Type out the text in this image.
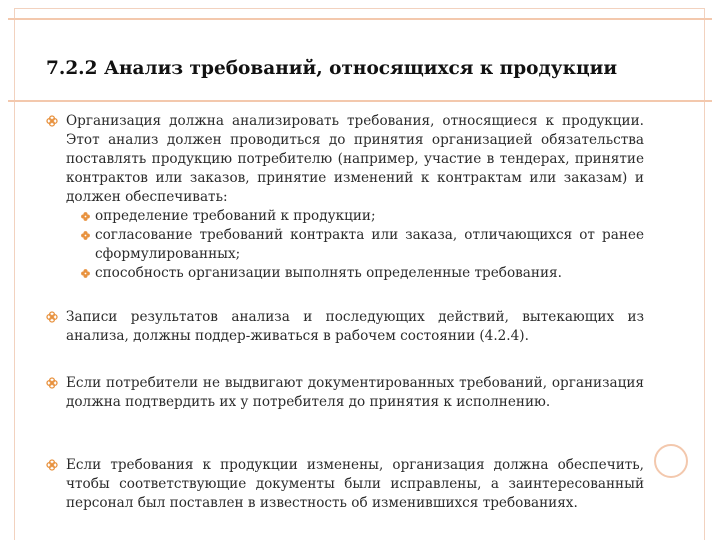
7.2.2 Анализ требований, относящихся к продукции
Организация должна анализировать требования, относящиеся к продукции. Этот анализ должен проводиться до принятия организацией обязательства поставлять продукцию потребителю (например, участие в тендерах, принятие контрактов или заказов, принятие изменений к контрактам или заказам) и должен обеспечивать:
определение требований к продукции;
согласование требований контракта или заказа, отличающихся от ранее сформулированных;
способность организации выполнять определенные требования.
Записи результатов анализа и последующих действий, вытекающих из анализа, должны поддер-живаться в рабочем состоянии (4.2.4).
Если потребители не выдвигают документированных требований, организация должна подтвердить их у потребителя до принятия к исполнению.
Если требования к продукции изменены, организация должна обеспечить, чтобы соответствующие документы были исправлены, а заинтересованный персонал был поставлен в известность об изменившихся требованиях.
